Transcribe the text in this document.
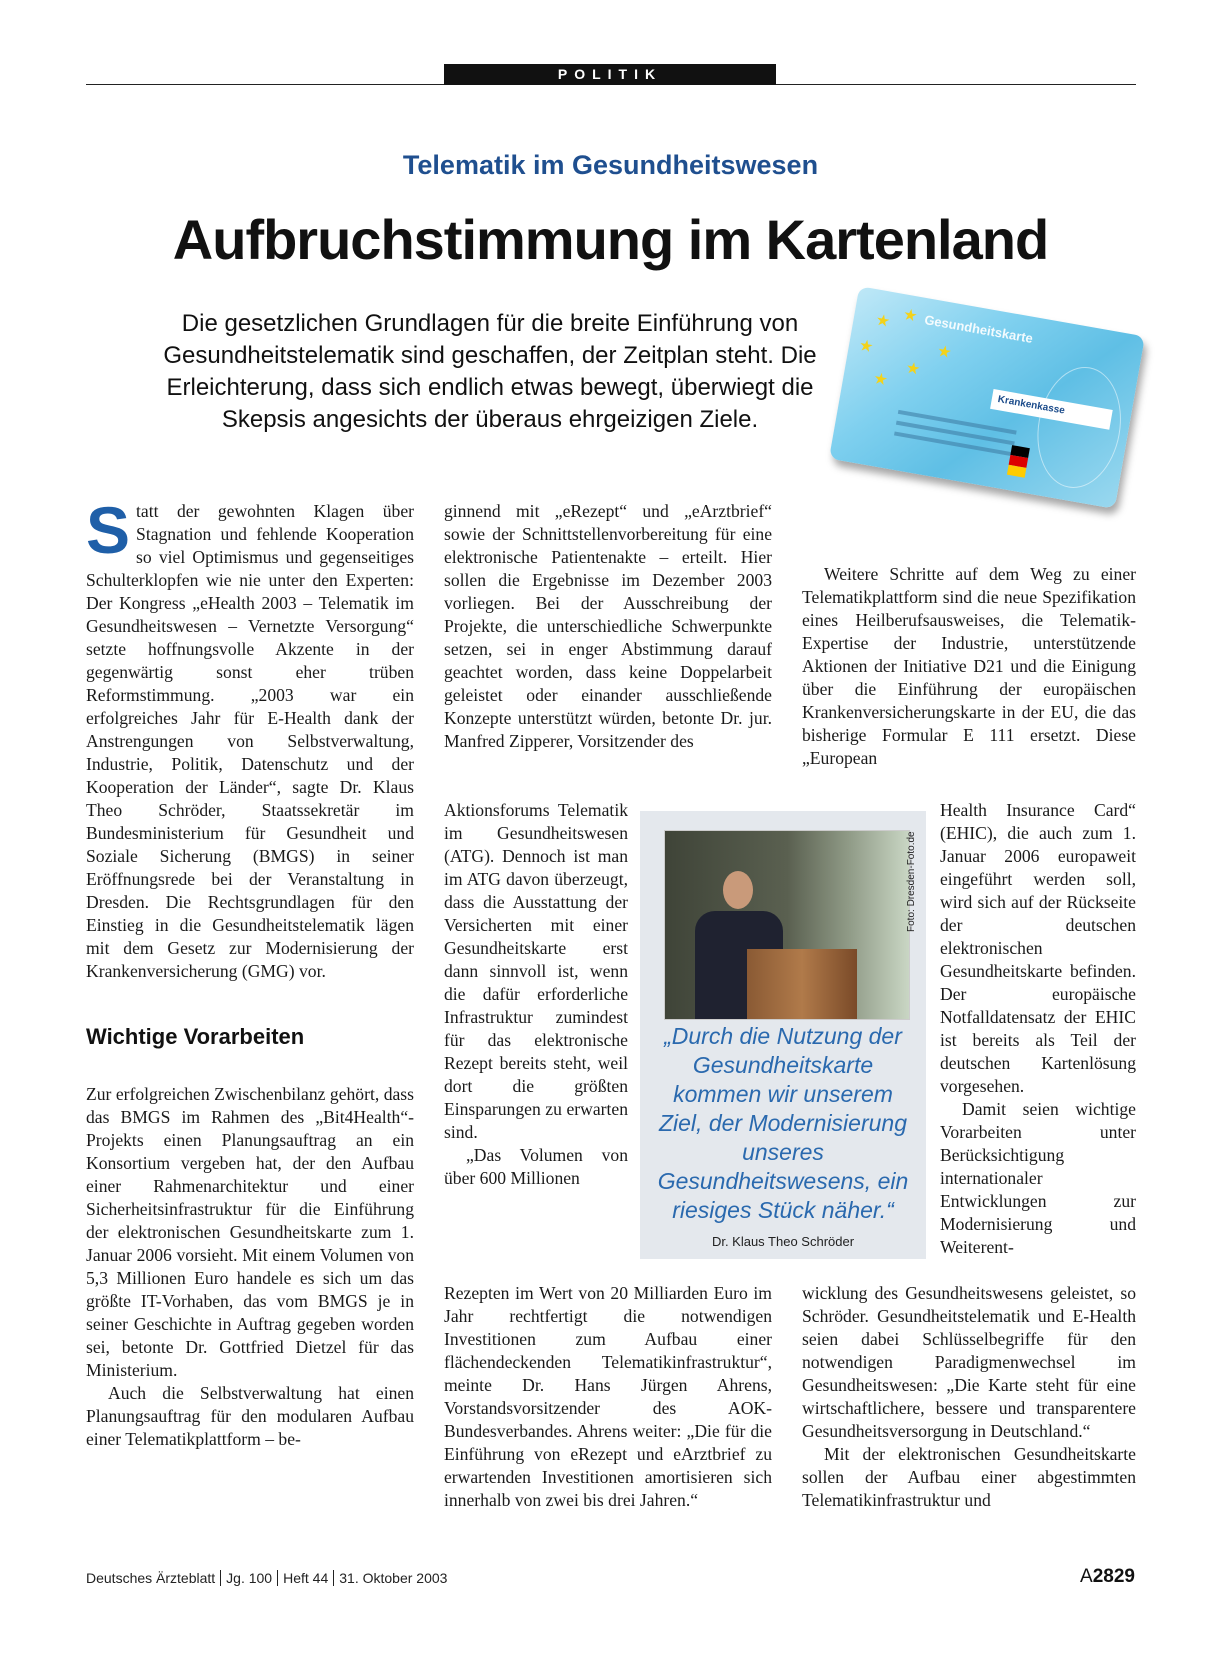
POLITIK
Telematik im Gesundheitswesen
Aufbruchstimmung im Kartenland
Die gesetzlichen Grundlagen für die breite Einführung von Gesundheitstelematik sind geschaffen, der Zeitplan steht. Die Erleichterung, dass sich endlich etwas bewegt, überwiegt die Skepsis angesichts der überaus ehrgeizigen Ziele.
Gesundheitskarte
★ ★
★
★
★
★
Krankenkasse

Statt der gewohnten Klagen über Stagnation und fehlende Kooperation so viel Optimismus und gegenseitiges Schulterklopfen wie nie unter den Experten: Der Kongress „eHealth 2003 – Telematik im Gesundheitswesen – Vernetzte Versorgung“ setzte hoffnungsvolle Akzente in der gegenwärtig sonst eher trüben Reformstimmung. „2003 war ein erfolgreiches Jahr für E-Health dank der Anstrengungen von Selbstverwaltung, Industrie, Politik, Datenschutz und der Kooperation der Länder“, sagte Dr. Klaus Theo Schröder, Staatssekretär im Bundesministerium für Gesundheit und Soziale Sicherung (BMGS) in seiner Eröffnungsrede bei der Veranstaltung in Dresden. Die Rechtsgrundlagen für den Einstieg in die Gesundheitstelematik lägen mit dem Gesetz zur Modernisierung der Krankenversicherung (GMG) vor.

Wichtige Vorarbeiten

Zur erfolgreichen Zwischenbilanz gehört, dass das BMGS im Rahmen des „Bit4Health“-Projekts einen Planungsauftrag an ein Konsortium vergeben hat, der den Aufbau einer Rahmenarchitektur und einer Sicherheitsinfrastruktur für die Einführung der elektronischen Gesundheitskarte zum 1. Januar 2006 vorsieht. Mit einem Volumen von 5,3 Millionen Euro handele es sich um das größte IT-Vorhaben, das vom BMGS je in seiner Geschichte in Auftrag gegeben worden sei, betonte Dr. Gottfried Dietzel für das Ministerium.

Auch die Selbstverwaltung hat einen Planungsauftrag für den modularen Aufbau einer Telematikplattform – be-

ginnend mit „eRezept“ und „eArztbrief“ sowie der Schnittstellenvorbereitung für eine elektronische Patientenakte – erteilt. Hier sollen die Ergebnisse im Dezember 2003 vorliegen. Bei der Ausschreibung der Projekte, die unterschiedliche Schwerpunkte setzen, sei in enger Abstimmung darauf geachtet worden, dass keine Doppelarbeit geleistet oder einander ausschließende Konzepte unterstützt würden, betonte Dr. jur. Manfred Zipperer, Vorsitzender des

Aktionsforums Telematik im Gesundheitswesen (ATG). Dennoch ist man im ATG davon überzeugt, dass die Ausstattung der Versicherten mit einer Gesundheitskarte erst dann sinnvoll ist, wenn die dafür erforderliche Infrastruktur zumindest für das elektronische Rezept bereits steht, weil dort die größten Einsparungen zu erwarten sind.

„Das Volumen von über 600 Millionen

Rezepten im Wert von 20 Milliarden Euro im Jahr rechtfertigt die notwendigen Investitionen zum Aufbau einer flächendeckenden Telematikinfrastruktur“, meinte Dr. Hans Jürgen Ahrens, Vorstandsvorsitzender des AOK-Bundesverbandes. Ahrens weiter: „Die für die Einführung von eRezept und eArztbrief zu erwartenden Investitionen amortisieren sich innerhalb von zwei bis drei Jahren.“

Weitere Schritte auf dem Weg zu einer Telematikplattform sind die neue Spezifikation eines Heilberufsausweises, die Telematik-Expertise der Industrie, unterstützende Aktionen der Initiative D21 und die Einigung über die Einführung der europäischen Krankenversicherungskarte in der EU, die das bisherige Formular E 111 ersetzt. Diese „European

Health Insurance Card“ (EHIC), die auch zum 1. Januar 2006 europaweit eingeführt werden soll, wird sich auf der Rückseite der deutschen elektronischen Gesundheitskarte befinden. Der europäische Notfalldatensatz der EHIC ist bereits als Teil der deutschen Kartenlösung vorgesehen.

Damit seien wichtige Vorarbeiten unter Berücksichtigung internationaler Entwicklungen zur Modernisierung und Weiterent-

wicklung des Gesundheitswesens geleistet, so Schröder. Gesundheitstelematik und E-Health seien dabei Schlüsselbegriffe für den notwendigen Paradigmenwechsel im Gesundheitswesen: „Die Karte steht für eine wirtschaftlichere, bessere und transparentere Gesundheitsversorgung in Deutschland.“

Mit der elektronischen Gesundheitskarte sollen der Aufbau einer abgestimmten Telematikinfrastruktur und

Foto: Dresden-Foto.de
„Durch die Nutzung der Gesundheitskarte kommen wir unserem Ziel, der Modernisierung unseres Gesundheitswesens, ein riesiges Stück näher.“
Dr. Klaus Theo Schröder
Deutsches Ärzteblatt Jg. 100 Heft 44 31. Oktober 2003	A2829
